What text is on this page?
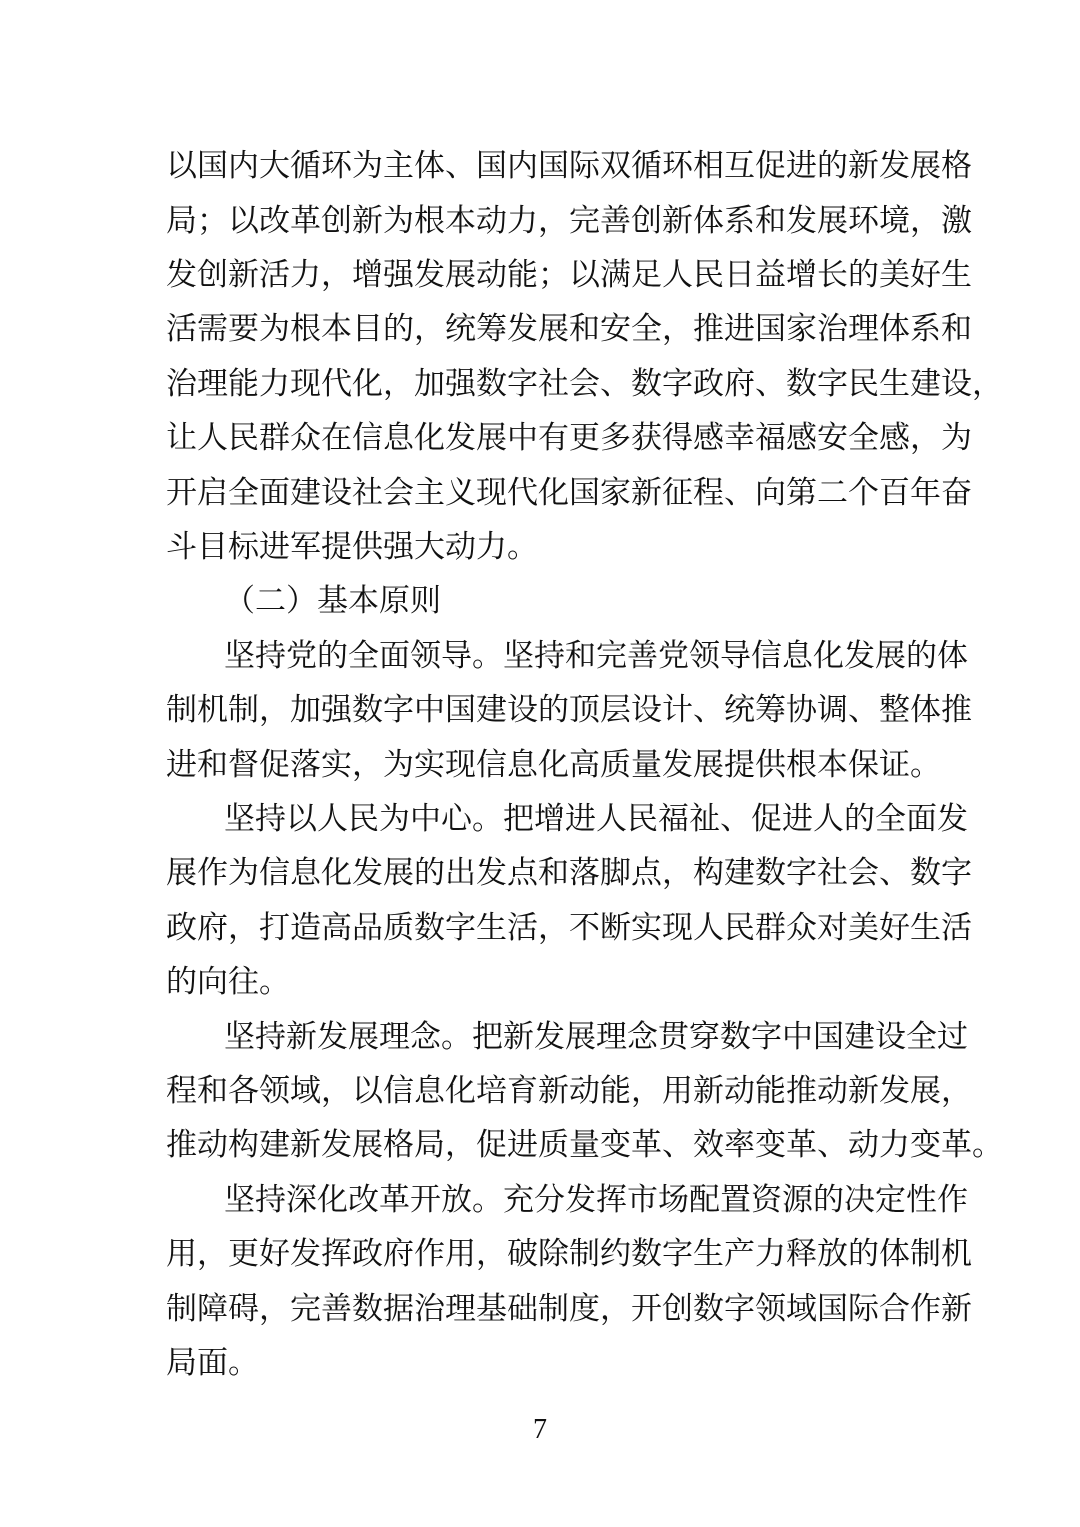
以国内大循环为主体、国内国际双循环相互促进的新发展格
局；以改革创新为根本动力，完善创新体系和发展环境，激
发创新活力，增强发展动能；以满足人民日益增长的美好生
活需要为根本目的，统筹发展和安全，推进国家治理体系和
治理能力现代化，加强数字社会、数字政府、数字民生建设，
让人民群众在信息化发展中有更多获得感幸福感安全感，为
开启全面建设社会主义现代化国家新征程、向第二个百年奋
斗目标进军提供强大动力。
（二）基本原则
坚持党的全面领导。坚持和完善党领导信息化发展的体
制机制，加强数字中国建设的顶层设计、统筹协调、整体推
进和督促落实，为实现信息化高质量发展提供根本保证。
坚持以人民为中心。把增进人民福祉、促进人的全面发
展作为信息化发展的出发点和落脚点，构建数字社会、数字
政府，打造高品质数字生活，不断实现人民群众对美好生活
的向往。
坚持新发展理念。把新发展理念贯穿数字中国建设全过
程和各领域，以信息化培育新动能，用新动能推动新发展，
推动构建新发展格局，促进质量变革、效率变革、动力变革。
坚持深化改革开放。充分发挥市场配置资源的决定性作
用，更好发挥政府作用，破除制约数字生产力释放的体制机
制障碍，完善数据治理基础制度，开创数字领域国际合作新
局面。
7
